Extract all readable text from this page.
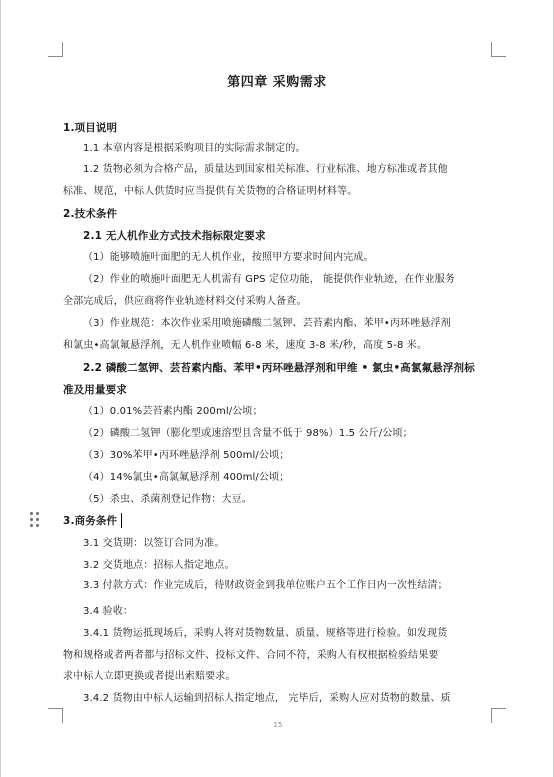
第四章 采购需求
1.项目说明
1.1 本章内容是根据采购项目的实际需求制定的。
1.2 货物必须为合格产品，质量达到国家相关标准、行业标准、地方标准或者其他
标准、规范，中标人供货时应当提供有关货物的合格证明材料等。
2.技术条件
2.1 无人机作业方式技术指标限定要求
（1）能够喷施叶面肥的无人机作业，按照甲方要求时间内完成。
（2）作业的喷施叶面肥无人机需有 GPS 定位功能， 能提供作业轨迹，在作业服务
全部完成后，供应商将作业轨迹材料交付采购人备查。
（3）作业规范：本次作业采用喷施磷酸二氢钾、芸苔素内酯、苯甲•丙环唑悬浮剂
和氯虫•高氯氟悬浮剂，无人机作业喷幅 6-8 米，速度 3-8 米/秒，高度 5-8 米。
2.2 磷酸二氢钾、芸苔素内酯、苯甲•丙环唑悬浮剂和甲维 • 氯虫•高氯氟悬浮剂标
准及用量要求
（1）0.01%芸苔素内酯 200ml/公顷；
（2）磷酸二氢钾（膨化型或速溶型且含量不低于 98%）1.5 公斤/公顷；
（3）30%苯甲•丙环唑悬浮剂 500ml/公顷；
（4）14%氯虫•高氯氟悬浮剂 400ml/公顷；
（5）杀虫、杀菌剂登记作物：大豆。
3.商务条件
3.1 交货期：以签订合同为准。
3.2 交货地点：招标人指定地点。
3.3 付款方式：作业完成后，待财政资金到我单位账户五个工作日内一次性结清；
3.4 验收：
3.4.1 货物运抵现场后，采购人将对货物数量、质量、规格等进行检验。如发现货
物和规格或者两者都与招标文件、投标文件、合同不符，采购人有权根据检验结果要
求中标人立即更换或者提出索赔要求。
3.4.2 货物由中标人运输到招标人指定地点， 完毕后，采购人应对货物的数量、质
15
